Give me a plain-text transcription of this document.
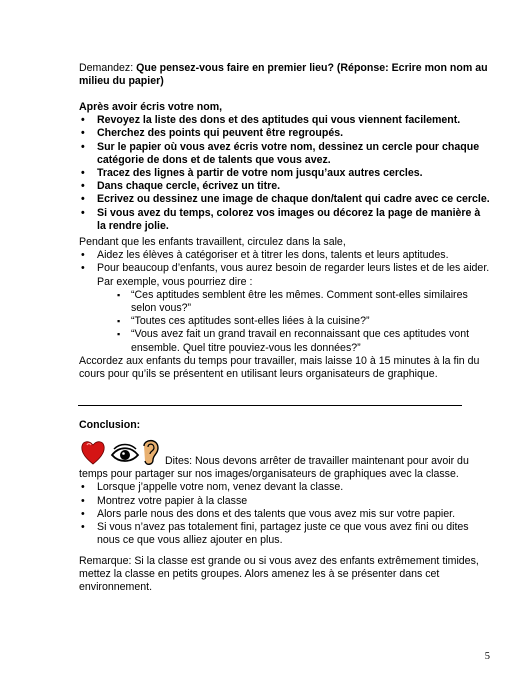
Demandez: Que pensez-vous faire en premier lieu? (Réponse: Ecrire mon nom au milieu du papier)

Après avoir écris votre nom,
• Revoyez la liste des dons et des aptitudes qui vous viennent facilement.
• Cherchez des points qui peuvent être regroupés.
• Sur le papier où vous avez écris votre nom, dessinez un cercle pour chaque catégorie de dons et de talents que vous avez.
• Tracez des lignes à partir de votre nom jusqu’aux autres cercles.
• Dans chaque cercle, écrivez un titre.
• Ecrivez ou dessinez une image de chaque don/talent qui cadre avec ce cercle.
• Si vous avez du temps, colorez vos images ou décorez la page de manière à la rendre jolie.
Pendant que les enfants travaillent, circulez dans la sale,
• Aidez les élèves à catégoriser et à titrer les dons, talents et leurs aptitudes.
• Pour beaucoup d’enfants, vous aurez besoin de regarder leurs listes et de les aider. Par exemple, vous pourriez dire :
▪ “Ces aptitudes semblent être les mêmes. Comment sont-elles similaires selon vous?”
▪ “Toutes ces aptitudes sont-elles liées à la cuisine?”
▪ “Vous avez fait un grand travail en reconnaissant que ces aptitudes vont ensemble. Quel titre pouviez-vous les données?”

Accordez aux enfants du temps pour travailler, mais laisse 10 à 15 minutes à la fin du cours pour qu’ils se présentent en utilisant leurs organisateurs de graphique.

Conclusion:
Dites: Nous devons arrêter de travailler maintenant pour avoir du temps pour partager sur nos images/organisateurs de graphiques avec la classe.
• Lorsque j’appelle votre nom, venez devant la classe.
• Montrez votre papier à la classe
• Alors parle nous des dons et des talents que vous avez mis sur votre papier.
• Si vous n’avez pas totalement fini, partagez juste ce que vous avez fini ou dites nous ce que vous alliez ajouter en plus.

Remarque: Si la classe est grande ou si vous avez des enfants extrêmement timides, mettez la classe en petits groupes. Alors amenez les à se présenter dans cet environnement.

5
